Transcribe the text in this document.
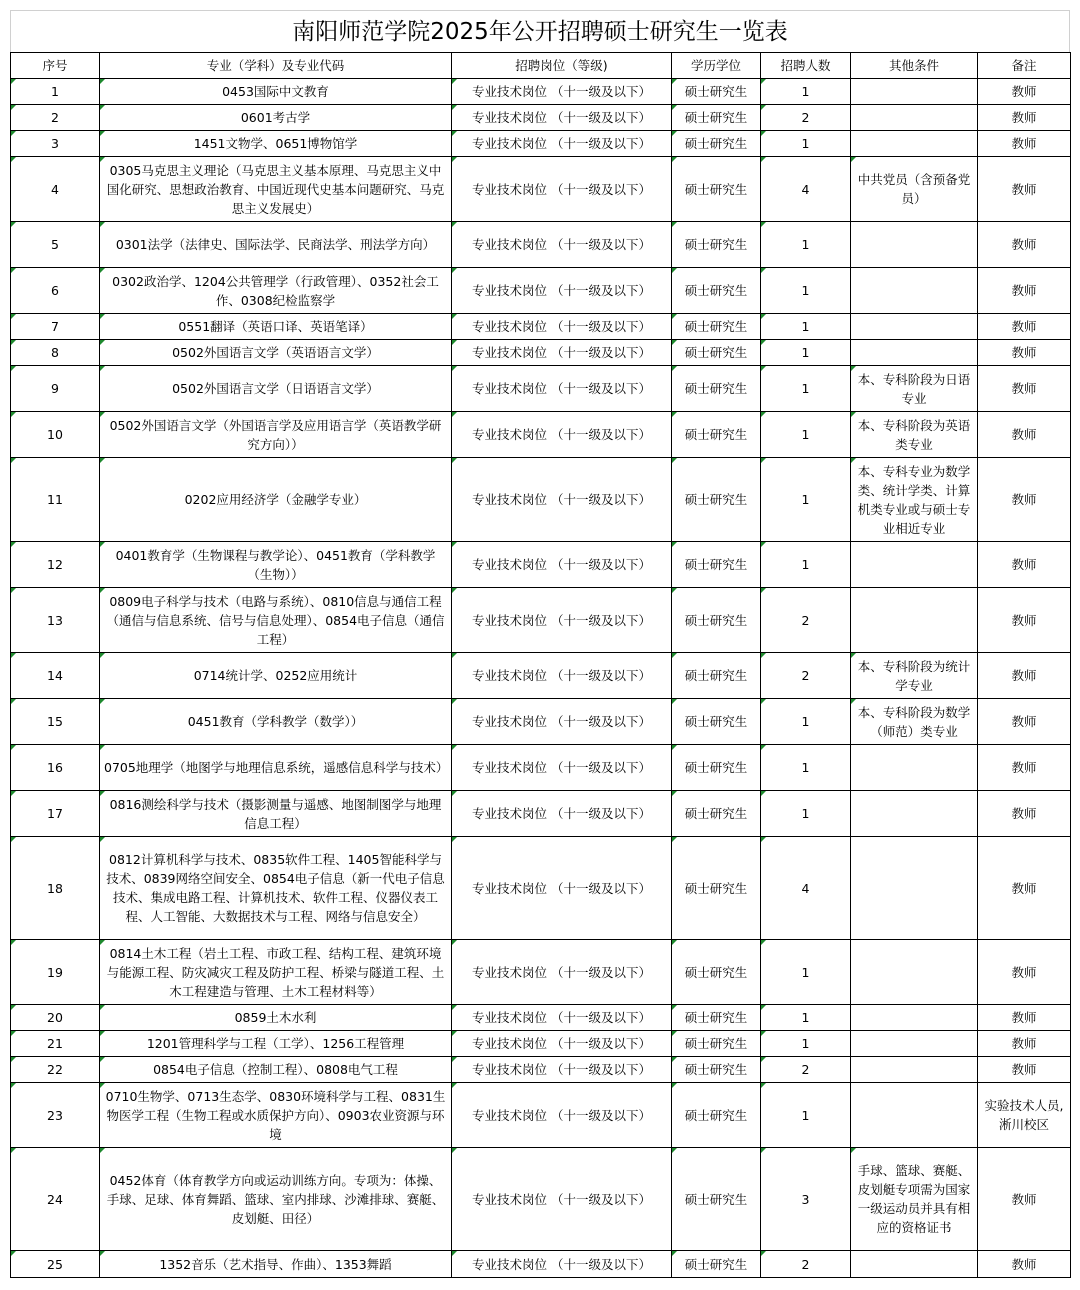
南阳师范学院2025年公开招聘硕士研究生一览表
序号	专业（学科）及专业代码	招聘岗位（等级)	学历学位	招聘人数	其他条件	备注
1	0453国际中文教育	专业技术岗位 （十一级及以下）	硕士研究生	1		教师
2	0601考古学	专业技术岗位 （十一级及以下）	硕士研究生	2		教师
3	1451文物学、0651博物馆学	专业技术岗位 （十一级及以下）	硕士研究生	1		教师
4	0305马克思主义理论（马克思主义基本原理、马克思主义中国化研究、思想政治教育、中国近现代史基本问题研究、马克思主义发展史）	专业技术岗位 （十一级及以下）	硕士研究生	4	中共党员（含预备党员）	教师
5	0301法学（法律史、国际法学、民商法学、刑法学方向）	专业技术岗位 （十一级及以下）	硕士研究生	1		教师
6	0302政治学、1204公共管理学（行政管理）、0352社会工作、0308纪检监察学	专业技术岗位 （十一级及以下）	硕士研究生	1		教师
7	0551翻译（英语口译、英语笔译）	专业技术岗位 （十一级及以下）	硕士研究生	1		教师
8	0502外国语言文学（英语语言文学）	专业技术岗位 （十一级及以下）	硕士研究生	1		教师
9	0502外国语言文学（日语语言文学）	专业技术岗位 （十一级及以下）	硕士研究生	1	本、专科阶段为日语专业	教师
10	0502外国语言文学（外国语言学及应用语言学（英语教学研究方向））	专业技术岗位 （十一级及以下）	硕士研究生	1	本、专科阶段为英语类专业	教师
11	0202应用经济学（金融学专业）	专业技术岗位 （十一级及以下）	硕士研究生	1	本、专科专业为数学类、统计学类、计算机类专业或与硕士专业相近专业	教师
12	0401教育学（生物课程与教学论）、0451教育（学科教学（生物））	专业技术岗位 （十一级及以下）	硕士研究生	1		教师
13	0809电子科学与技术（电路与系统）、0810信息与通信工程（通信与信息系统、信号与信息处理）、0854电子信息（通信工程）	专业技术岗位 （十一级及以下）	硕士研究生	2		教师
14	0714统计学、0252应用统计	专业技术岗位 （十一级及以下）	硕士研究生	2	本、专科阶段为统计学专业	教师
15	0451教育（学科教学（数学））	专业技术岗位 （十一级及以下）	硕士研究生	1	本、专科阶段为数学（师范）类专业	教师
16	0705地理学（地图学与地理信息系统，遥感信息科学与技术）	专业技术岗位 （十一级及以下）	硕士研究生	1		教师
17	0816测绘科学与技术（摄影测量与遥感、地图制图学与地理信息工程）	专业技术岗位 （十一级及以下）	硕士研究生	1		教师
18	0812计算机科学与技术、0835软件工程、1405智能科学与技术、0839网络空间安全、0854电子信息（新一代电子信息技术、集成电路工程、计算机技术、软件工程、仪器仪表工程、人工智能、大数据技术与工程、网络与信息安全）	专业技术岗位 （十一级及以下）	硕士研究生	4		教师
19	0814土木工程（岩土工程、市政工程、结构工程、建筑环境与能源工程、防灾减灾工程及防护工程、桥梁与隧道工程、土木工程建造与管理、土木工程材料等）	专业技术岗位 （十一级及以下）	硕士研究生	1		教师
20	0859土木水利	专业技术岗位 （十一级及以下）	硕士研究生	1		教师
21	1201管理科学与工程（工学）、1256工程管理	专业技术岗位 （十一级及以下）	硕士研究生	1		教师
22	0854电子信息（控制工程）、0808电气工程	专业技术岗位 （十一级及以下）	硕士研究生	2		教师
23	0710生物学、0713生态学、0830环境科学与工程、0831生物医学工程（生物工程或水质保护方向）、0903农业资源与环境	专业技术岗位 （十一级及以下）	硕士研究生	1		实验技术人员,淅川校区
24	0452体育（体育教学方向或运动训练方向。专项为：体操、手球、足球、体育舞蹈、篮球、室内排球、沙滩排球、赛艇、皮划艇、田径）	专业技术岗位 （十一级及以下）	硕士研究生	3	手球、篮球、赛艇、皮划艇专项需为国家一级运动员并具有相应的资格证书	教师
25	1352音乐（艺术指导、作曲）、1353舞蹈	专业技术岗位 （十一级及以下）	硕士研究生	2		教师
